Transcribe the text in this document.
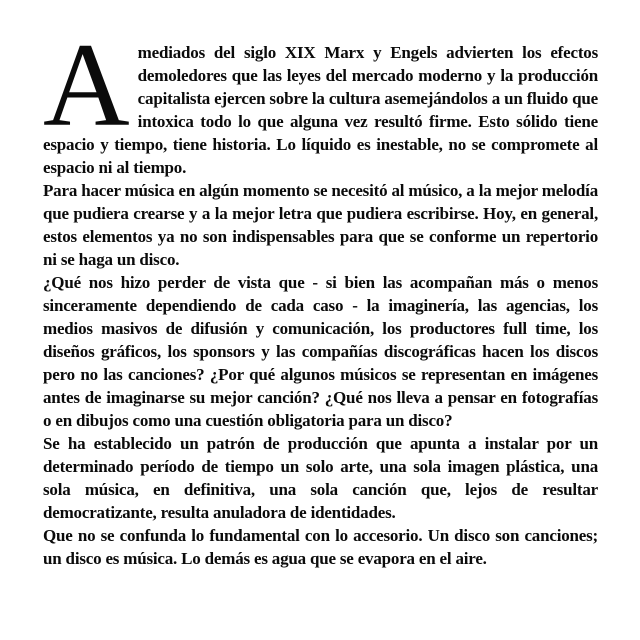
Amediados del siglo XIX Marx y Engels advierten los efectos demoledores que las leyes del mercado moderno y la producción capitalista ejercen sobre la cultura asemejándolos a un fluido que intoxica todo lo que alguna vez resultó firme. Esto sólido tiene espacio y tiempo, tiene historia. Lo líquido es inestable, no se compromete al espacio ni al tiempo.

Para hacer música en algún momento se necesitó al músico, a la mejor melodía que pudiera crearse y a la mejor letra que pudiera escribirse. Hoy, en general, estos elementos ya no son indispensables para que se conforme un repertorio ni se haga un disco.

¿Qué nos hizo perder de vista que - si bien las acompañan más o menos sinceramente dependiendo de cada caso - la imaginería, las agencias, los medios masivos de difusión y comunicación, los productores full time, los diseños gráficos, los sponsors y las compañías discográficas hacen los discos pero no las canciones? ¿Por qué algunos músicos se representan en imágenes antes de imaginarse su mejor canción? ¿Qué nos lleva a pensar en fotografías o en dibujos como una cuestión obligatoria para un disco?

Se ha establecido un patrón de producción que apunta a instalar por un determinado período de tiempo un solo arte, una sola imagen plástica, una sola música, en definitiva, una sola canción que, lejos de resultar democratizante, resulta anuladora de identidades.

Que no se confunda lo fundamental con lo accesorio. Un disco son canciones; un disco es música. Lo demás es agua que se evapora en el aire.
